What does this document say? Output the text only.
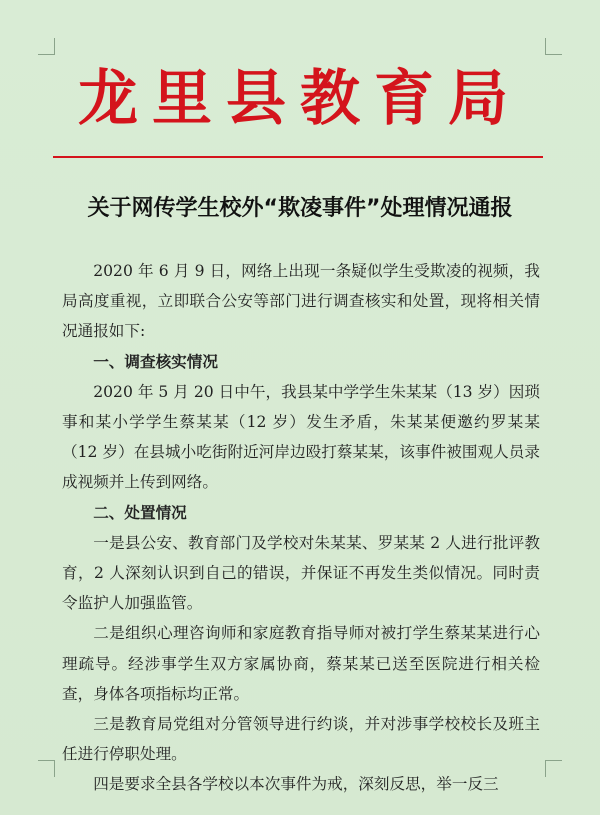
龙里县教育局
关于网传学生校外“欺凌事件”处理情况通报

2020 年 6 月 9 日，网络上出现一条疑似学生受欺凌的视频，我局高度重视，立即联合公安等部门进行调查核实和处置，现将相关情况通报如下:

一、调查核实情况

2020 年 5 月 20 日中午，我县某中学学生朱某某（13 岁）因琐事和某小学学生蔡某某（12 岁）发生矛盾，朱某某便邀约罗某某（12 岁）在县城小吃街附近河岸边殴打蔡某某，该事件被围观人员录成视频并上传到网络。

二、处置情况

一是县公安、教育部门及学校对朱某某、罗某某 2 人进行批评教育，2 人深刻认识到自己的错误，并保证不再发生类似情况。同时责令监护人加强监管。

二是组织心理咨询师和家庭教育指导师对被打学生蔡某某进行心理疏导。经涉事学生双方家属协商，蔡某某已送至医院进行相关检查，身体各项指标均正常。

三是教育局党组对分管领导进行约谈，并对涉事学校校长及班主任进行停职处理。

四是要求全县各学校以本次事件为戒，深刻反思，举一反三
